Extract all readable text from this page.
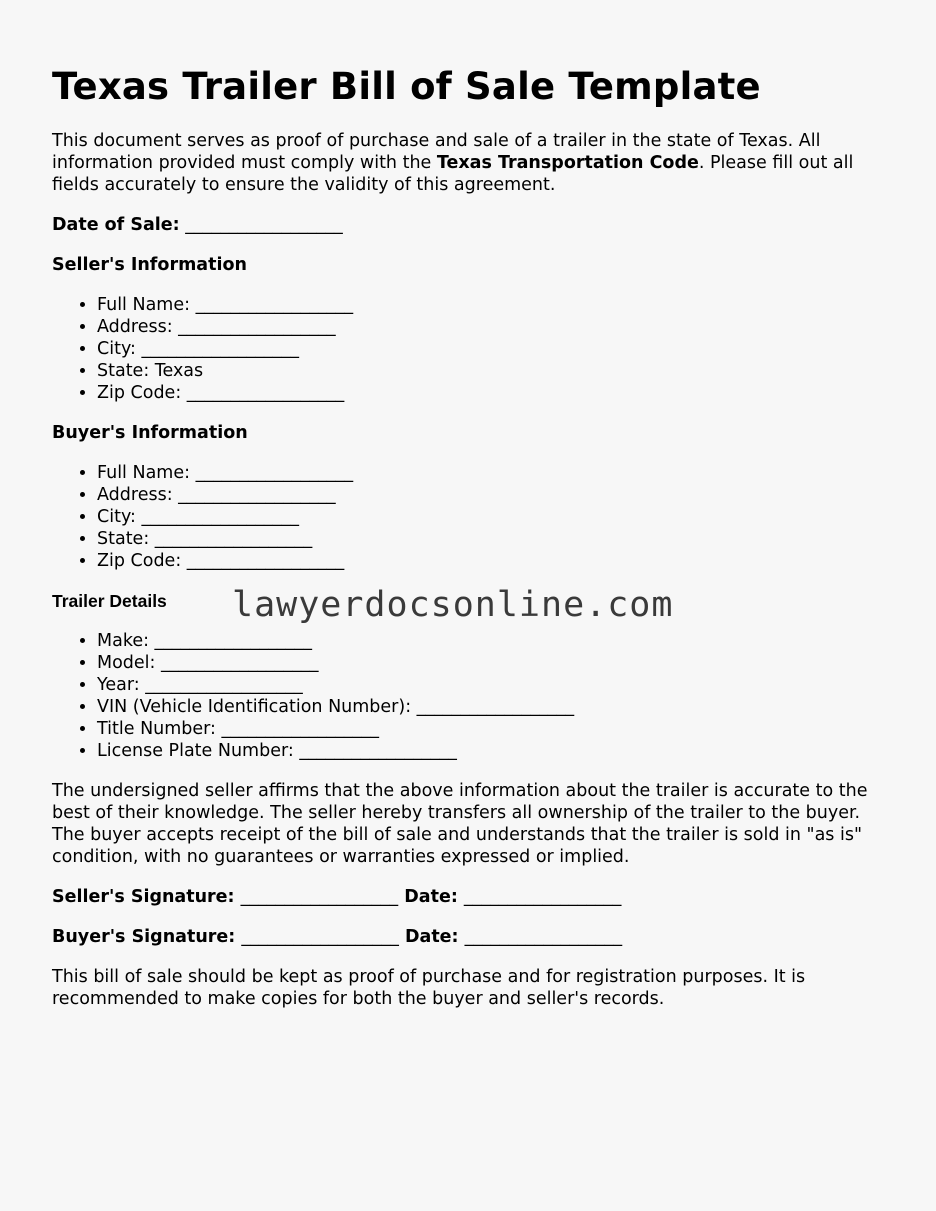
Texas Trailer Bill of Sale Template

This document serves as proof of purchase and sale of a trailer in the state of Texas. All information provided must comply with the Texas Transportation Code. Please fill out all fields accurately to ensure the validity of this agreement.

Date of Sale: __________________
Seller's Information
• Full Name: __________________
• Address: __________________
• City: __________________
• State: Texas
• Zip Code: __________________
Buyer's Information
• Full Name: __________________
• Address: __________________
• City: __________________
• State: __________________
• Zip Code: __________________
Trailer Details
• Make: __________________
• Model: __________________
• Year: __________________
• VIN (Vehicle Identification Number): __________________
• Title Number: __________________
• License Plate Number: __________________

The undersigned seller affirms that the above information about the trailer is accurate to the best of their knowledge. The seller hereby transfers all ownership of the trailer to the buyer. The buyer accepts receipt of the bill of sale and understands that the trailer is sold in "as is" condition, with no guarantees or warranties expressed or implied.

Seller's Signature: __________________ Date: __________________
Buyer's Signature: __________________ Date: __________________

This bill of sale should be kept as proof of purchase and for registration purposes. It is recommended to make copies for both the buyer and seller's records.

lawyerdocsonline.com
